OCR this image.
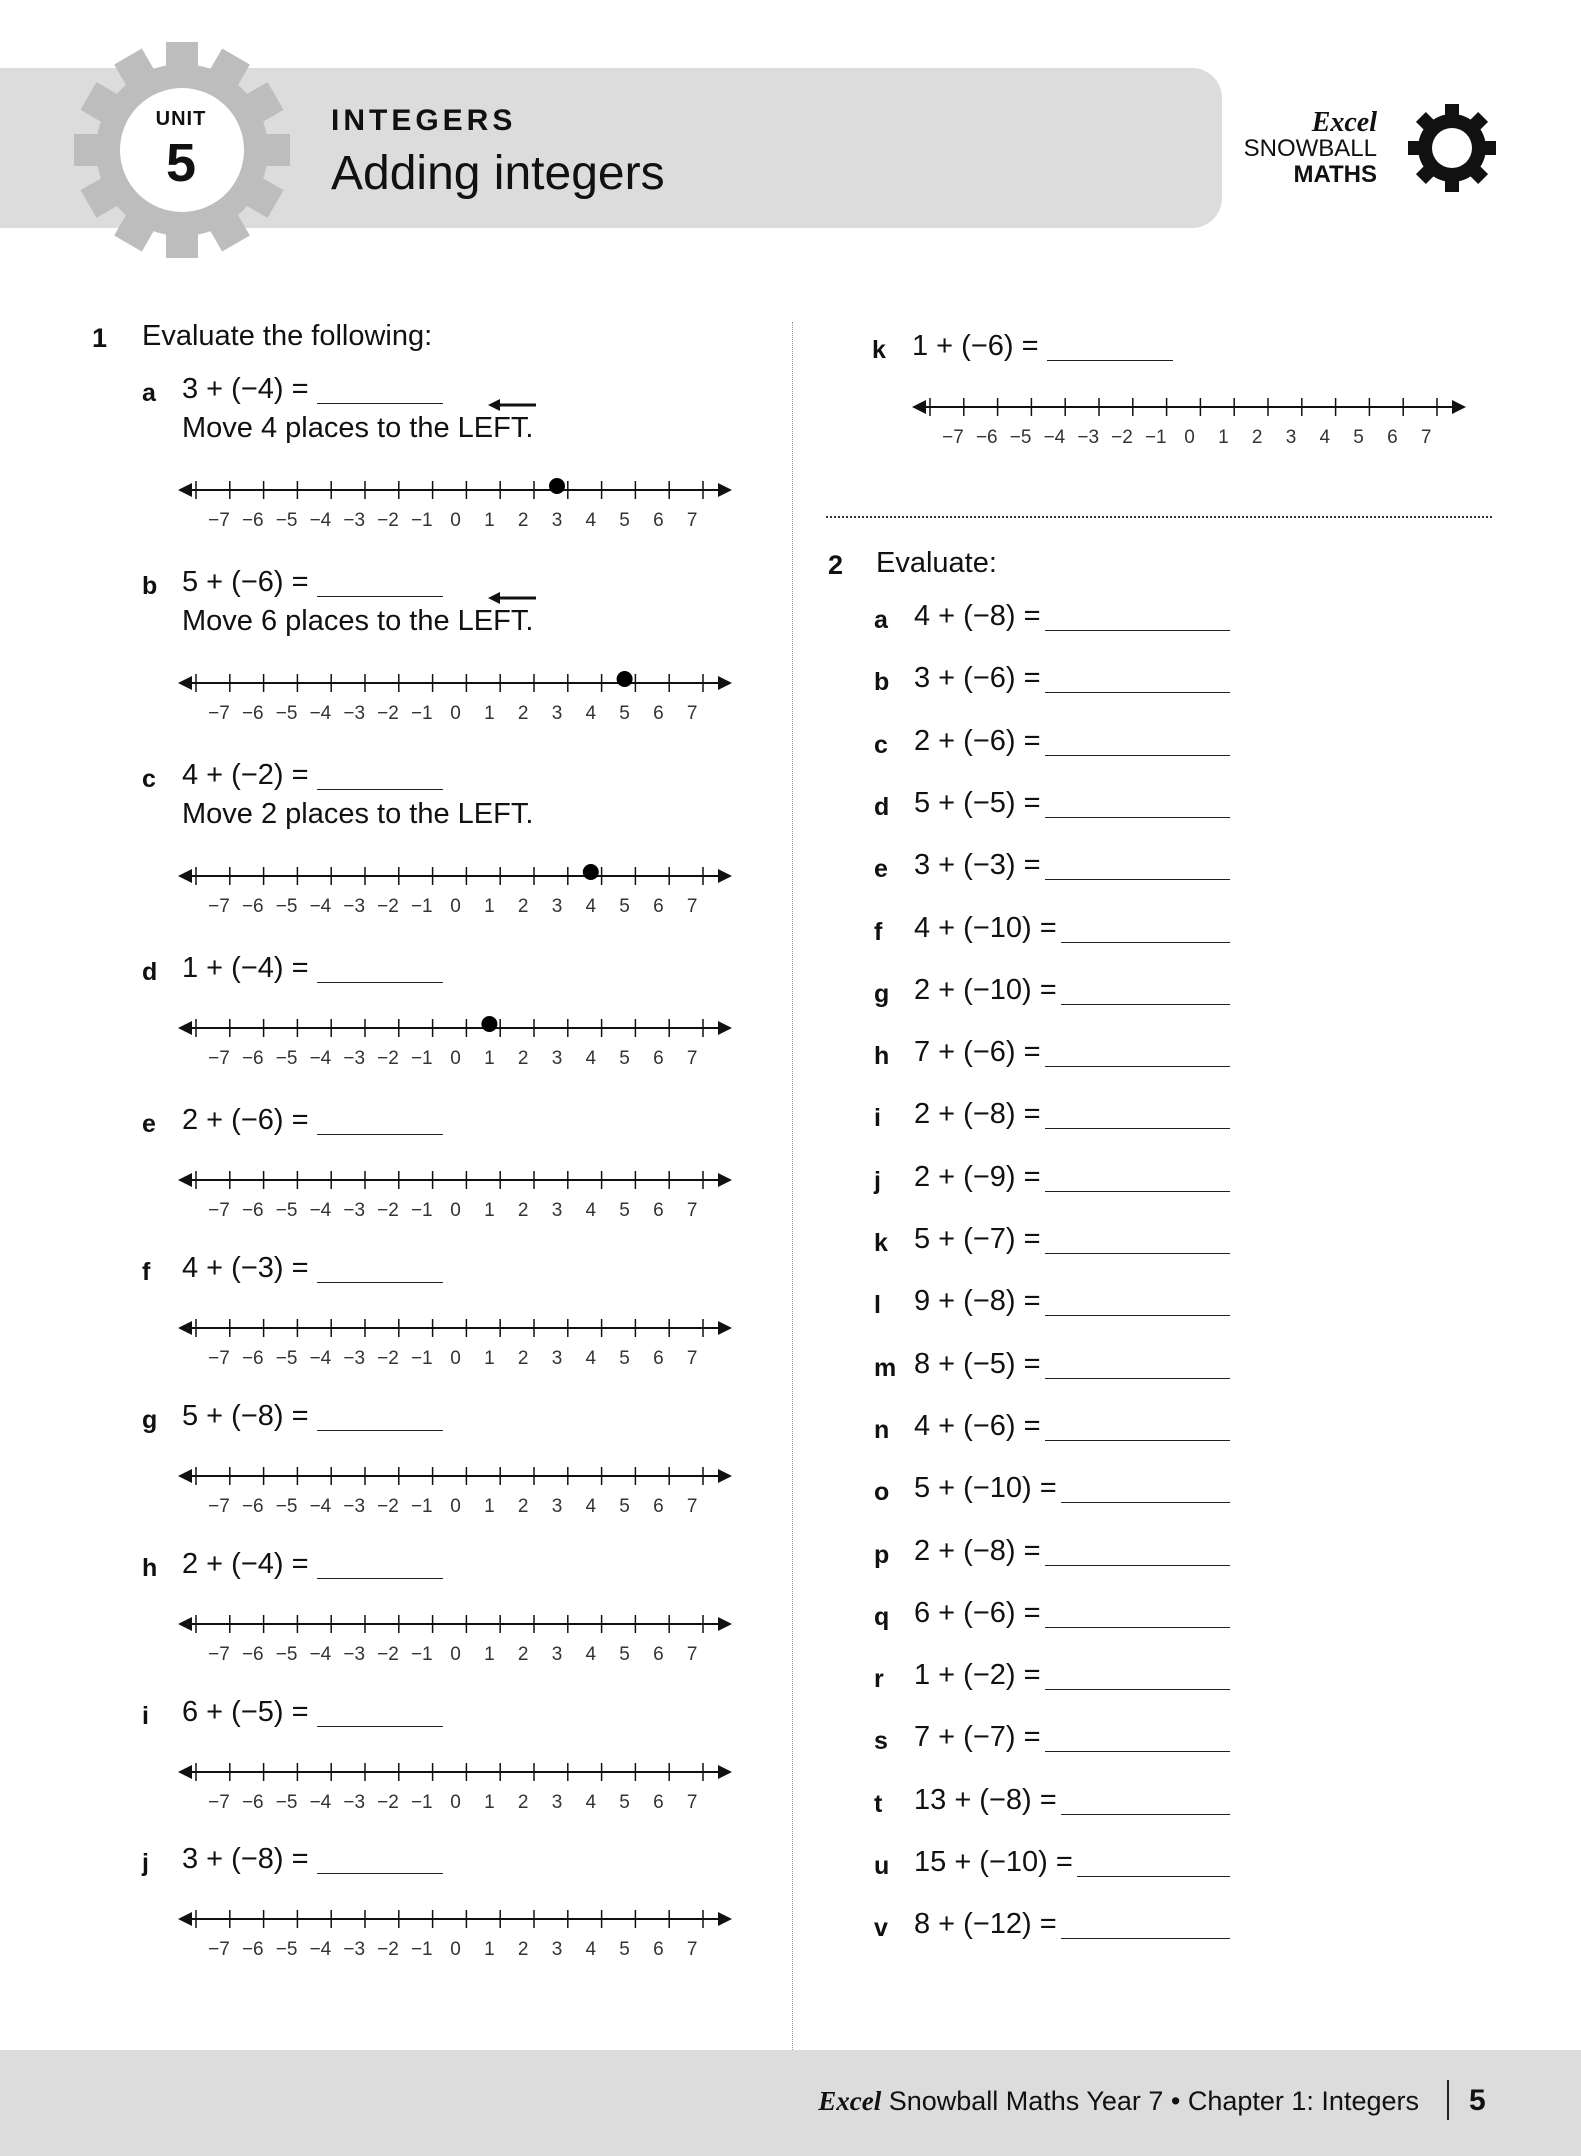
UNIT
5
INTEGERS
Adding integers
Excel
SNOWBALL
MATHS
1 Evaluate the following:
2 Evaluate:
a 3 + (−4) =
Move 4 places to the LEFT.
−7 −6 −5 −4 −3 −2 −1 0 1 2 3 4 5 6 7
b 5 + (−6) =
Move 6 places to the LEFT.
−7 −6 −5 −4 −3 −2 −1 0 1 2 3 4 5 6 7
c 4 + (−2) =
Move 2 places to the LEFT.
−7 −6 −5 −4 −3 −2 −1 0 1 2 3 4 5 6 7
d 1 + (−4) =
−7 −6 −5 −4 −3 −2 −1 0 1 2 3 4 5 6 7
e 2 + (−6) =
−7 −6 −5 −4 −3 −2 −1 0 1 2 3 4 5 6 7
f 4 + (−3) =
−7 −6 −5 −4 −3 −2 −1 0 1 2 3 4 5 6 7
g 5 + (−8) =
−7 −6 −5 −4 −3 −2 −1 0 1 2 3 4 5 6 7
h 2 + (−4) =
−7 −6 −5 −4 −3 −2 −1 0 1 2 3 4 5 6 7
i 6 + (−5) =
−7 −6 −5 −4 −3 −2 −1 0 1 2 3 4 5 6 7
j 3 + (−8) =
−7 −6 −5 −4 −3 −2 −1 0 1 2 3 4 5 6 7
k 1 + (−6) =
−7 −6 −5 −4 −3 −2 −1 0 1 2 3 4 5 6 7
a 4 + (−8) =
b 3 + (−6) =
c 2 + (−6) =
d 5 + (−5) =
e 3 + (−3) =
f 4 + (−10) =
g 2 + (−10) =
h 7 + (−6) =
i 2 + (−8) =
j 2 + (−9) =
k 5 + (−7) =
l 9 + (−8) =
m 8 + (−5) =
n 4 + (−6) =
o 5 + (−10) =
p 2 + (−8) =
q 6 + (−6) =
r 1 + (−2) =
s 7 + (−7) =
t 13 + (−8) =
u 15 + (−10) =
v 8 + (−12) =
Excel Snowball Maths Year 7 • Chapter 1: Integers 5
